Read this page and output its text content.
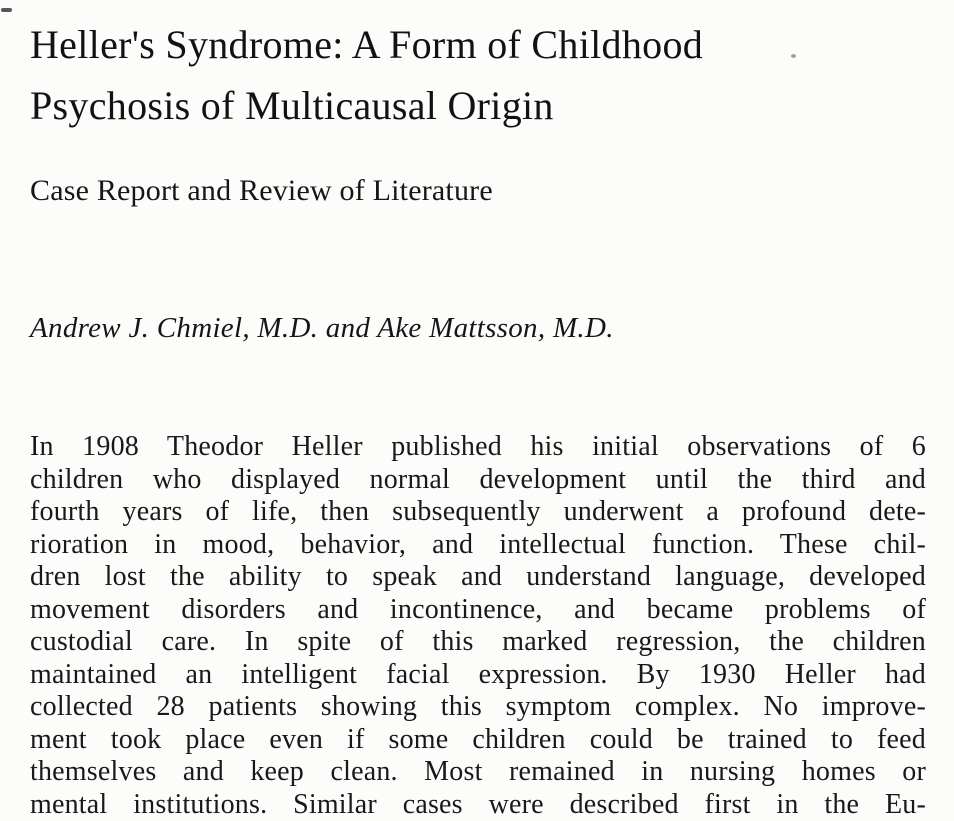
Heller's Syndrome: A Form of Childhood
Psychosis of Multicausal Origin
Case Report and Review of Literature
Andrew J. Chmiel, M.D. and Ake Mattsson, M.D.
In 1908 Theodor Heller published his initial observations of 6
children who displayed normal development until the third and
fourth years of life, then subsequently underwent a profound dete-
rioration in mood, behavior, and intellectual function. These chil-
dren lost the ability to speak and understand language, developed
movement disorders and incontinence, and became problems of
custodial care. In spite of this marked regression, the children
maintained an intelligent facial expression. By 1930 Heller had
collected 28 patients showing this symptom complex. No improve-
ment took place even if some children could be trained to feed
themselves and keep clean. Most remained in nursing homes or
mental institutions. Similar cases were described first in the Eu-
